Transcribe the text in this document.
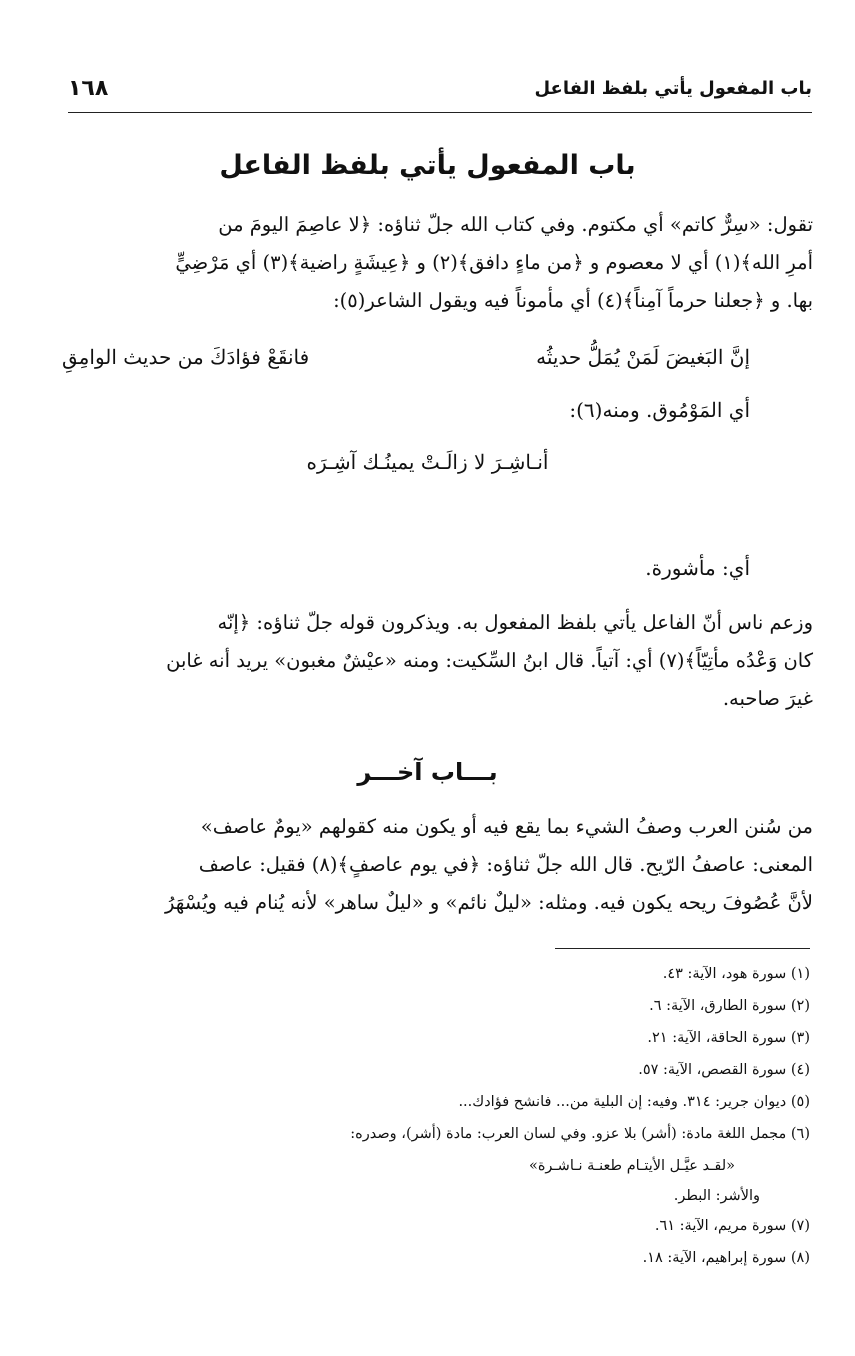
باب المفعول يأتي بلفظ الفاعل
١٦٨
باب المفعول يأتي بلفظ الفاعل
تقول: «سِرٌّ كاتم» أي مكتوم. وفي كتاب الله جلّ ثناؤه: ﴿لا عاصِمَ اليومَ من
أمرِ الله﴾(١) أي لا معصوم و ﴿من ماءٍ دافق﴾(٢) و ﴿عِيشَةٍ راضية﴾(٣) أي مَرْضِيٍّ
بها. و ﴿جعلنا حرماً آمِناً﴾(٤) أي مأموناً فيه ويقول الشاعر(٥):
إنَّ البَغيضَ لَمَنْ يُمَلُّ حديثُه
فانقَعْ فؤادَكَ من حديث الوامِقِ
أي المَوْمُوق. ومنه(٦):
أنـاشِـرَ لا زالَـتْ يمينُـك آشِـرَه
أي: مأشورة.
وزعم ناس أنّ الفاعل يأتي بلفظ المفعول به. ويذكرون قوله جلّ ثناؤه: ﴿إنّه
كان وَعْدُه مأتِيّاً﴾(٧) أي: آتياً. قال ابنُ السِّكيت: ومنه «عيْشٌ مغبون» يريد أنه غابن
غيرَ صاحبه.
بـــاب آخـــر
من سُنن العرب وصفُ الشيء بما يقع فيه أو يكون منه كقولهم «يومٌ عاصف»
المعنى: عاصفُ الرّيح. قال الله جلّ ثناؤه: ﴿في يوم عاصفٍ﴾(٨) فقيل: عاصف
لأنَّ عُصُوفَ ريحه يكون فيه. ومثله: «ليلٌ نائم» و «ليلٌ ساهر» لأنه يُنام فيه ويُسْهَرُ
(١) سورة هود، الآية: ٤٣.
(٢) سورة الطارق، الآية: ٦.
(٣) سورة الحاقة، الآية: ٢١.
(٤) سورة القصص، الآية: ٥٧.
(٥) ديوان جرير: ٣١٤. وفيه: إن البلية من... فانشح فؤادك...
(٦) مجمل اللغة مادة: (أشر) بلا عزو. وفي لسان العرب: مادة (أشر)، وصدره:
«لقـد عيَّـل الأيتـام طعنـة نـاشـرة»
والأشر: البطر.
(٧) سورة مريم، الآية: ٦١.
(٨) سورة إبراهيم، الآية: ١٨.
